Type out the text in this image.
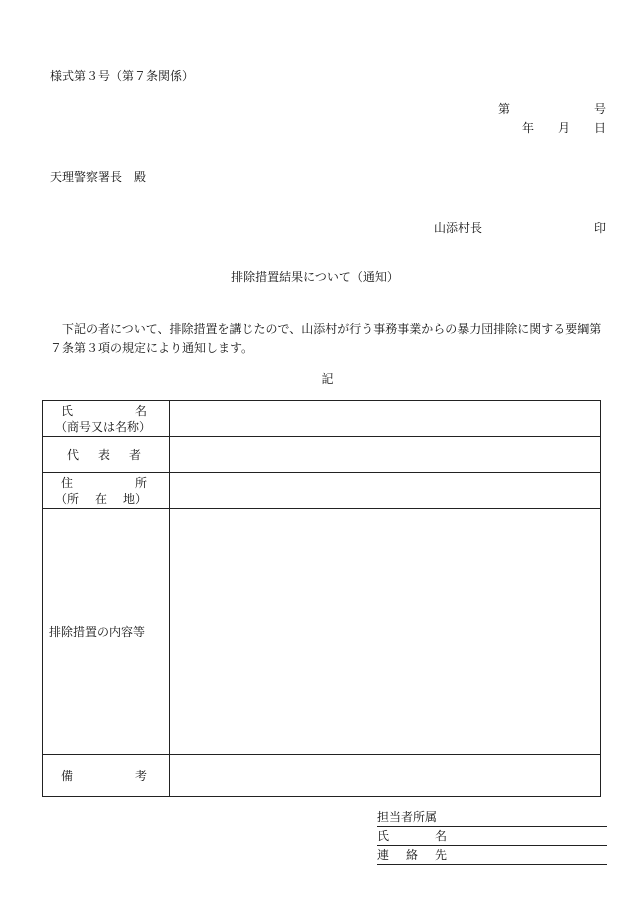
様式第３号（第７条関係）
第　　　　　　　号
年　　月　　日
天理警察署長　殿
山添村長	印
排除措置結果について（通知）

下記の者について、排除措置を講じたので、山添村が行う事務事業からの暴力団排除に関する要綱第７条第３項の規定により通知します。

記
氏 名
（商号又は名称）	

代 表 者	

住 所
（所 在 地）	

排除措置の内容等	

備 考	

担当者所属
氏	名
連 絡 先
